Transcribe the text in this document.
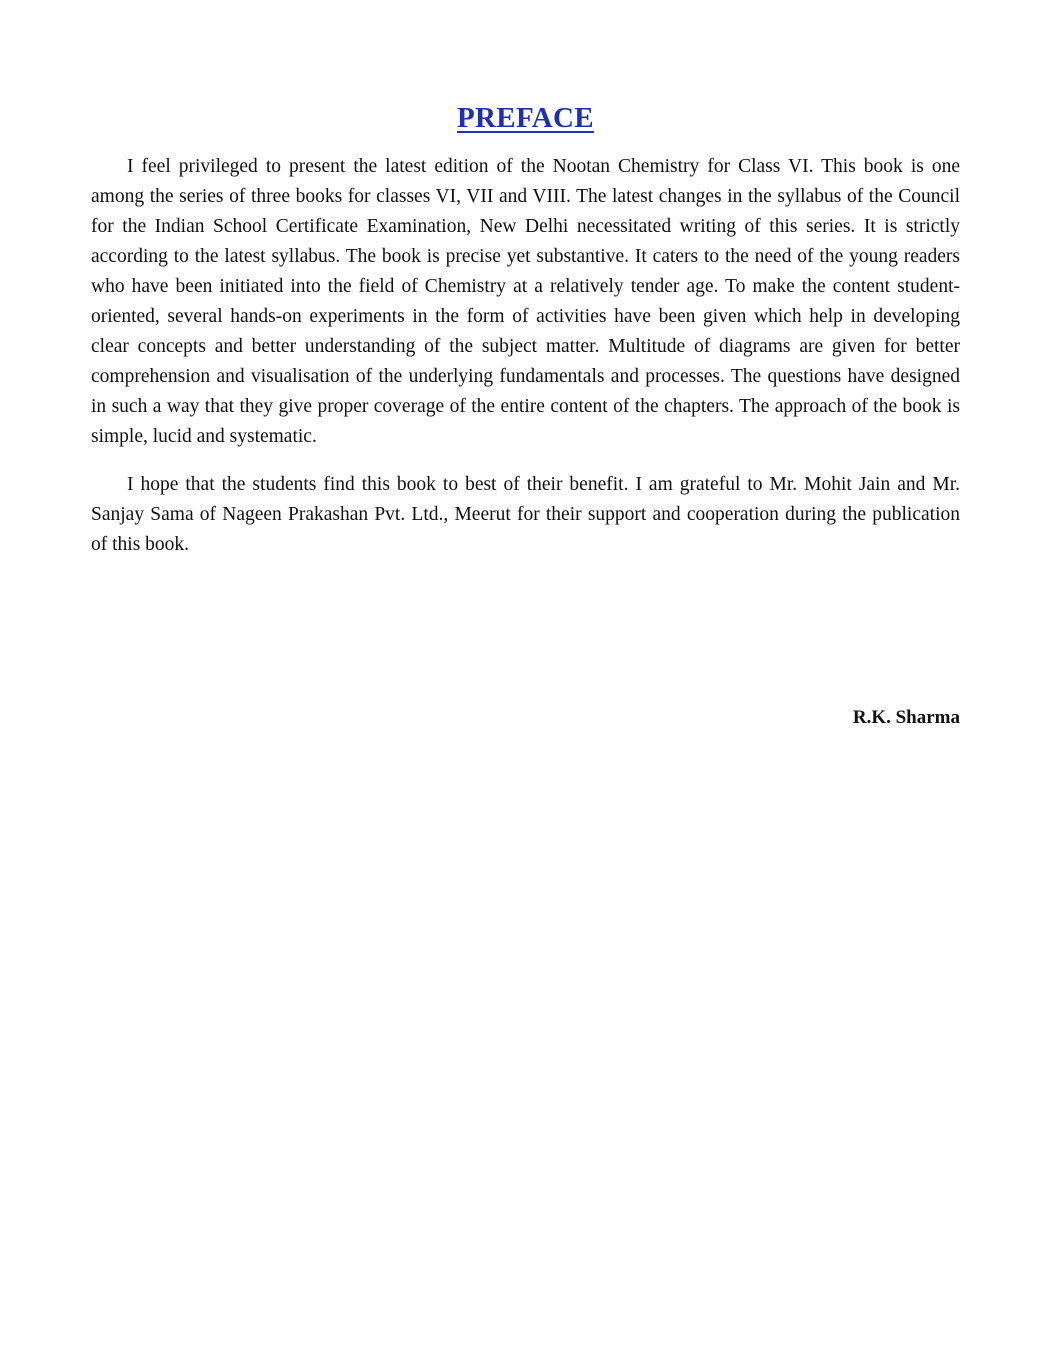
PREFACE

I feel privileged to present the latest edition of the Nootan Chemistry for Class VI. This book is one among the series of three books for classes VI, VII and VIII. The latest changes in the syllabus of the Council for the Indian School Certificate Examination, New Delhi necessitated writing of this series. It is strictly according to the latest syllabus. The book is precise yet substantive. It caters to the need of the young readers who have been initiated into the field of Chemistry at a relatively tender age. To make the content student-oriented, several hands-on experiments in the form of activities have been given which help in developing clear concepts and better understanding of the subject matter. Multitude of diagrams are given for better comprehension and visualisation of the underlying fundamentals and processes. The questions have designed in such a way that they give proper coverage of the entire content of the chapters. The approach of the book is simple, lucid and systematic.

I hope that the students find this book to best of their benefit. I am grateful to Mr. Mohit Jain and Mr. Sanjay Sama of Nageen Prakashan Pvt. Ltd., Meerut for their support and cooperation during the publication of this book.

R.K. Sharma
